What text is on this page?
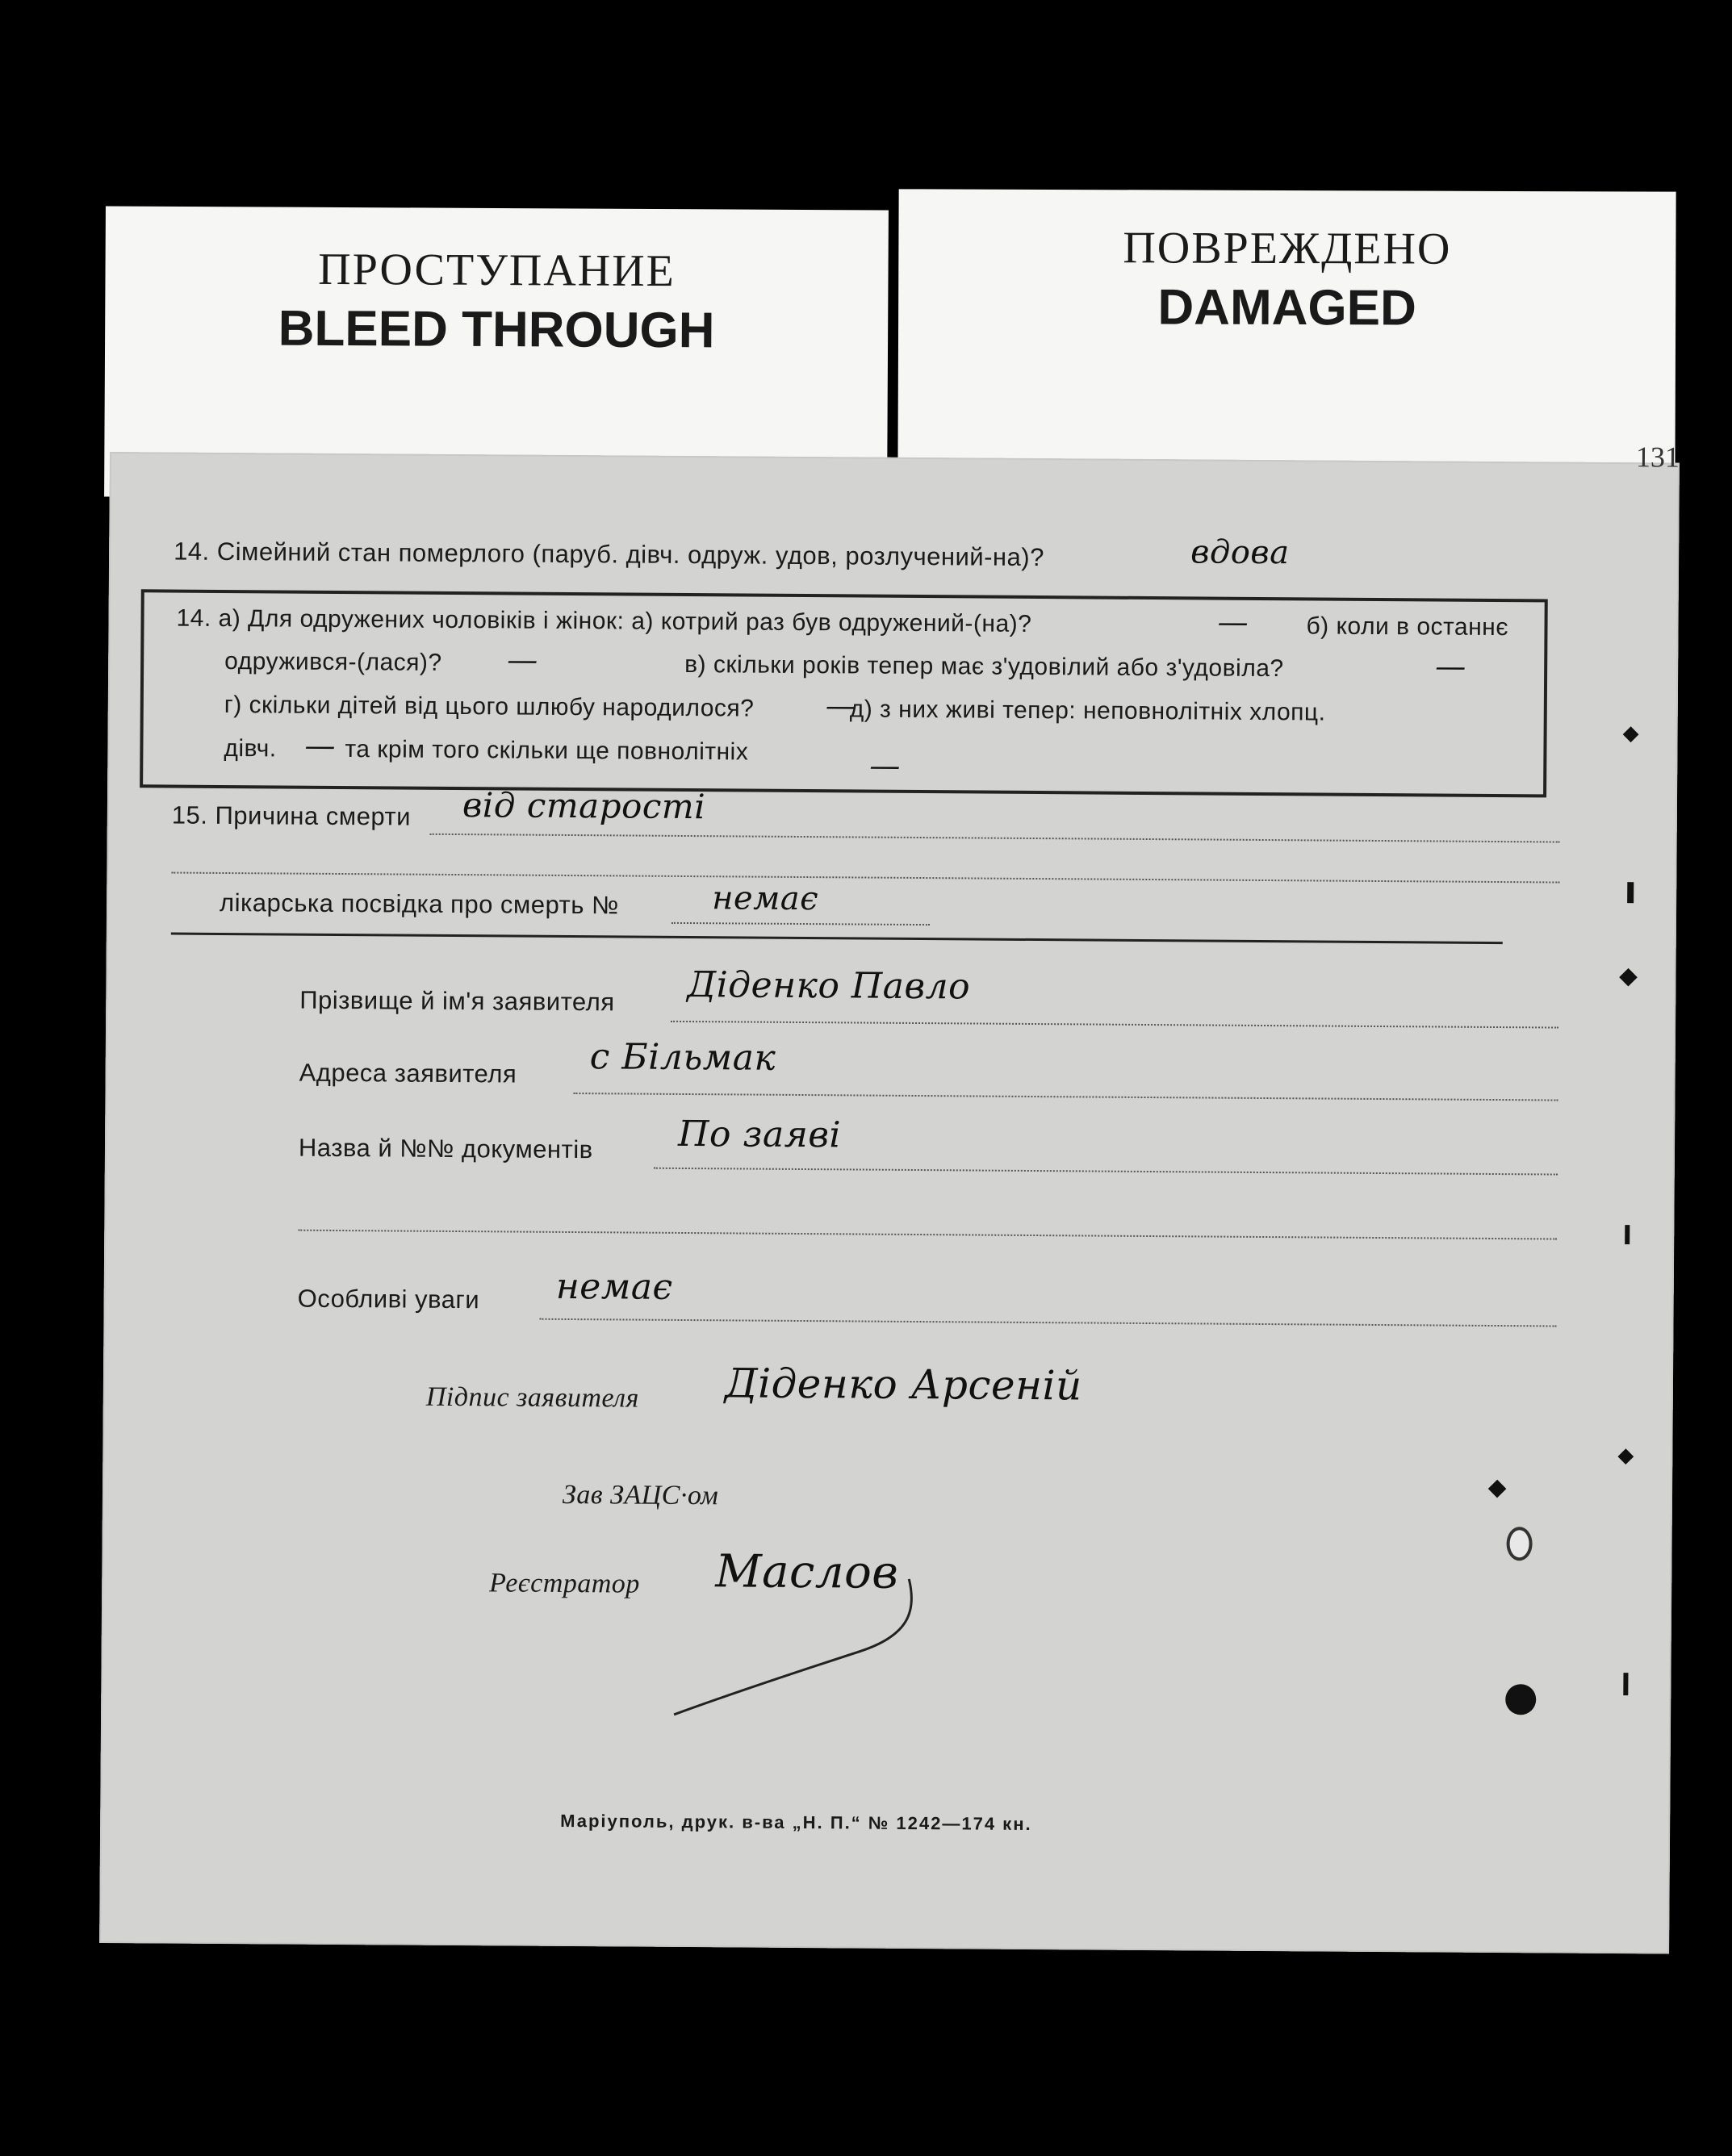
ПРОСТУПАНИЕ
BLEED THROUGH
ПОВРЕЖДЕНО
DAMAGED
131
14. Сімейний стан померлого (паруб. дівч. одруж. удов, розлучений-на)?	вдова
14. а) Для одружених чоловіків і жінок: а) котрий раз був одружений-(на)?	— б) коли в останнє
одружився-(лася)? —	в) скільки років тепер має з'удовілий або з'удовіла?	—
г) скільки дітей від цього шлюбу народилося? —
д) з них живі тепер: неповнолітніх хлопц.
дівч. — та крім того скільки ще повнолітніх	—
15. Причина смерти від старості
лікарська посвідка про смерть №	немає
Прізвище й ім'я заявителя Діденко Павло
Адреса заявителя с Більмак
Назва й №№ документів По заяві
Особливі уваги немає
Підпис заявителя Діденко Арсеній
Зав ЗАЦС·ом
Реєстратор Маслов
Маріуполь, друк. в-ва „Н. П.“ № 1242—174 кн.
